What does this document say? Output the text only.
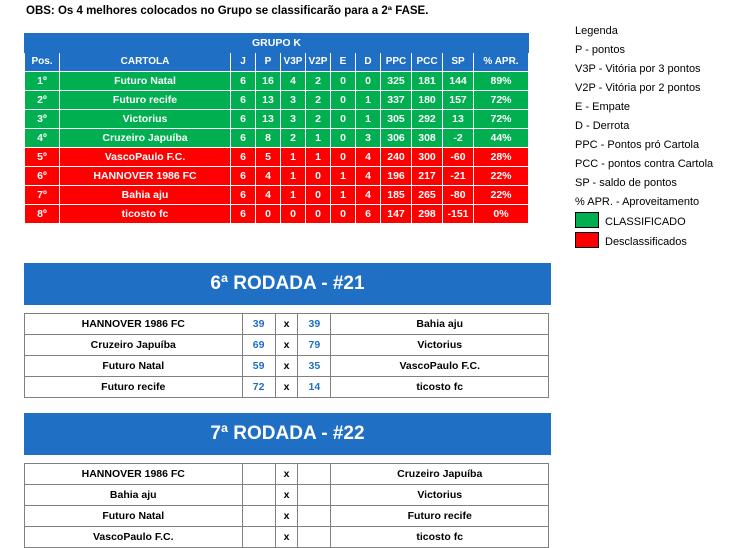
OBS: Os 4 melhores colocados no Grupo se classificarão para a 2ª FASE.
GRUPO K											
Pos.	CARTOLA	J	P	V3P	V2P	E	D	PPC	PCC	SP	% APR.
1º	Futuro Natal	6	16	4	2	0	0	325	181	144	89%
2º	Futuro recife	6	13	3	2	0	1	337	180	157	72%
3º	Victorius	6	13	3	2	0	1	305	292	13	72%
4º	Cruzeiro Japuíba	6	8	2	1	0	3	306	308	-2	44%
5º	VascoPaulo F.C.	6	5	1	1	0	4	240	300	-60	28%
6º	HANNOVER 1986 FC	6	4	1	0	1	4	196	217	-21	22%
7º	Bahia aju	6	4	1	0	1	4	185	265	-80	22%
8º	ticosto fc	6	0	0	0	0	6	147	298	-151	0%
Legenda
P - pontos
V3P - Vitória por 3 pontos
V2P - Vitória por 2 pontos
E - Empate
D - Derrota
PPC - Pontos pró Cartola
PCC - pontos contra Cartola
SP - saldo de pontos
% APR. - Aproveitamento
CLASSIFICADO
Desclassificados
6ª RODADA - #21
HANNOVER 1986 FC	39	x	39	Bahia aju
Cruzeiro Japuíba	69	x	79	Victorius
Futuro Natal	59	x	35	VascoPaulo F.C.
Futuro recife	72	x	14	ticosto fc
7ª RODADA - #22
HANNOVER 1986 FC		x		Cruzeiro Japuíba
Bahia aju		x		Victorius
Futuro Natal		x		Futuro recife
VascoPaulo F.C.		x		ticosto fc
